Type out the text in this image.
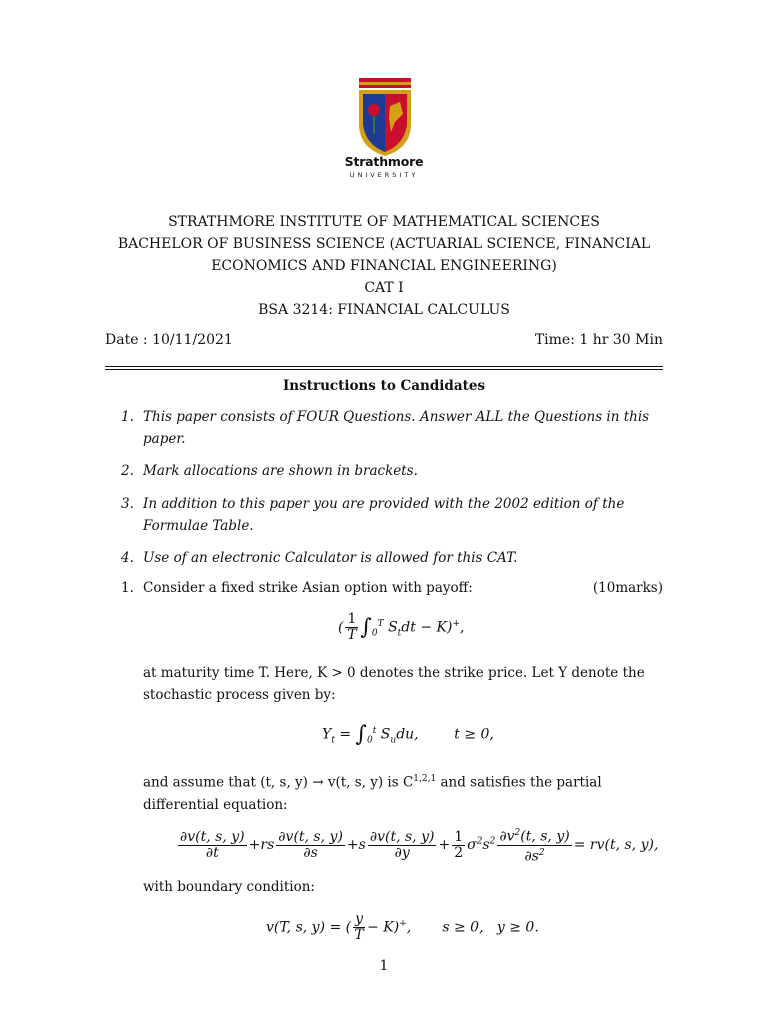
Strathmore
UNIVERSITY
STRATHMORE INSTITUTE OF MATHEMATICAL SCIENCES
BACHELOR OF BUSINESS SCIENCE (ACTUARIAL SCIENCE, FINANCIAL
ECONOMICS AND FINANCIAL ENGINEERING)
CAT I
BSA 3214: FINANCIAL CALCULUS
Date : 10/11/2021	Time: 1 hr 30 Min
Instructions to Candidates
1. This paper consists of FOUR Questions. Answer ALL the Questions in this paper.
2. Mark allocations are shown in brackets.
3. In addition to this paper you are provided with the 2002 edition of the Formulae Table.
4. Use of an electronic Calculator is allowed for this CAT.
1. Consider a fixed strike Asian option with payoff:	(10marks)
( $\frac{1}{T} \int_0^T$ $S_tdt - K)^+$,
at maturity time T. Here, K > 0 denotes the strike price. Let Y denote the stochastic process given by:
$Y_t = \int_0^t$ $S_udu$,        t ≥ 0,
and assume that (t, s, y) → v(t, s, y) is C$^{1,2,1}$ and satisfies the partial differential equation:
$\frac{\partial v(t, s, y)}{\partial t} +rs \frac{\partial v(t, s, y)}{\partial s} +s \frac{\partial v(t, s, y)}{\partial y} + \frac{1}{2} \sigma^2s^2 \frac{\partial v^2(t, s, y)}{\partial s^2} = rv(t$, s, y),
with boundary condition:
v(T, s, y) = ( $\frac{y}{T} - K)^+$,       s ≥ 0,   y ≥ 0.
1
